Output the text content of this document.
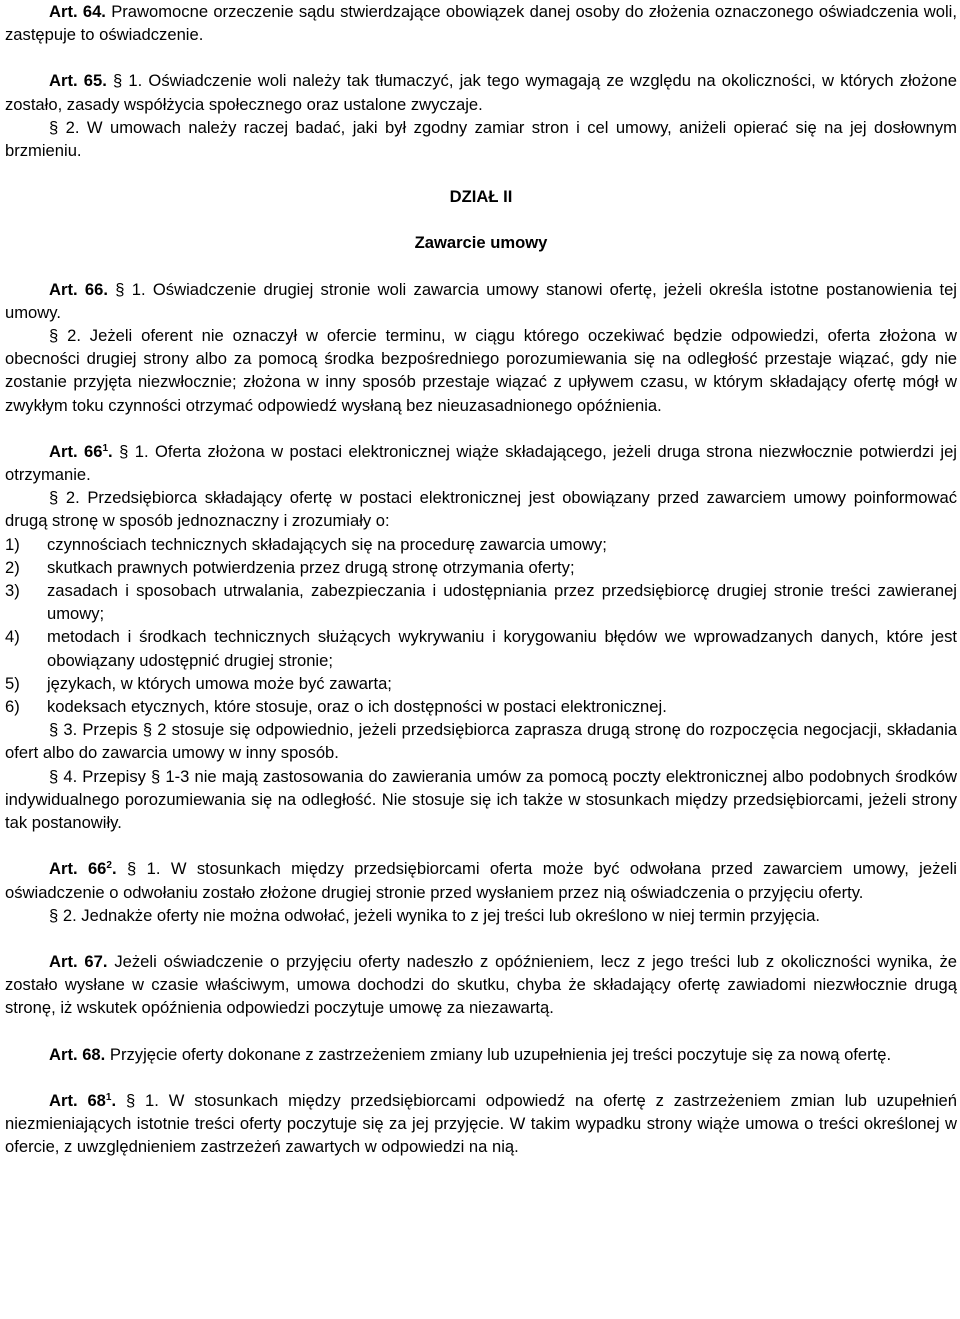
Art. 64. Prawomocne orzeczenie sądu stwierdzające obowiązek danej osoby do złożenia oznaczonego oświadczenia woli, zastępuje to oświadczenie.

Art. 65. § 1. Oświadczenie woli należy tak tłumaczyć, jak tego wymagają ze względu na okoliczności, w których złożone zostało, zasady współżycia społecznego oraz ustalone zwyczaje.

§ 2. W umowach należy raczej badać, jaki był zgodny zamiar stron i cel umowy, aniżeli opierać się na jej dosłownym brzmieniu.

DZIAŁ II

Zawarcie umowy

Art. 66. § 1. Oświadczenie drugiej stronie woli zawarcia umowy stanowi ofertę, jeżeli określa istotne postanowienia tej umowy.

§ 2. Jeżeli oferent nie oznaczył w ofercie terminu, w ciągu którego oczekiwać będzie odpowiedzi, oferta złożona w obecności drugiej strony albo za pomocą środka bezpośredniego porozumiewania się na odległość przestaje wiązać, gdy nie zostanie przyjęta niezwłocznie; złożona w inny sposób przestaje wiązać z upływem czasu, w którym składający ofertę mógł w zwykłym toku czynności otrzymać odpowiedź wysłaną bez nieuzasadnionego opóźnienia.

Art. $66^1$. § 1. Oferta złożona w postaci elektronicznej wiąże składającego, jeżeli druga strona niezwłocznie potwierdzi jej otrzymanie.

§ 2. Przedsiębiorca składający ofertę w postaci elektronicznej jest obowiązany przed zawarciem umowy poinformować drugą stronę w sposób jednoznaczny i zrozumiały o:

1)	czynnościach technicznych składających się na procedurę zawarcia umowy;
2)	skutkach prawnych potwierdzenia przez drugą stronę otrzymania oferty;
3)	zasadach i sposobach utrwalania, zabezpieczania i udostępniania przez przedsiębiorcę drugiej stronie treści zawieranej umowy;
4)	metodach i środkach technicznych służących wykrywaniu i korygowaniu błędów we wprowadzanych danych, które jest obowiązany udostępnić drugiej stronie;
5)	językach, w których umowa może być zawarta;
6)	kodeksach etycznych, które stosuje, oraz o ich dostępności w postaci elektronicznej.

§ 3. Przepis § 2 stosuje się odpowiednio, jeżeli przedsiębiorca zaprasza drugą stronę do rozpoczęcia negocjacji, składania ofert albo do zawarcia umowy w inny sposób.

§ 4. Przepisy § 1-3 nie mają zastosowania do zawierania umów za pomocą poczty elektronicznej albo podobnych środków indywidualnego porozumiewania się na odległość. Nie stosuje się ich także w stosunkach między przedsiębiorcami, jeżeli strony tak postanowiły.

Art. $66^2$. § 1. W stosunkach między przedsiębiorcami oferta może być odwołana przed zawarciem umowy, jeżeli oświadczenie o odwołaniu zostało złożone drugiej stronie przed wysłaniem przez nią oświadczenia o przyjęciu oferty.

§ 2. Jednakże oferty nie można odwołać, jeżeli wynika to z jej treści lub określono w niej termin przyjęcia.

Art. 67. Jeżeli oświadczenie o przyjęciu oferty nadeszło z opóźnieniem, lecz z jego treści lub z okoliczności wynika, że zostało wysłane w czasie właściwym, umowa dochodzi do skutku, chyba że składający ofertę zawiadomi niezwłocznie drugą stronę, iż wskutek opóźnienia odpowiedzi poczytuje umowę za niezawartą.

Art. 68. Przyjęcie oferty dokonane z zastrzeżeniem zmiany lub uzupełnienia jej treści poczytuje się za nową ofertę.

Art. $68^1$. § 1. W stosunkach między przedsiębiorcami odpowiedź na ofertę z zastrzeżeniem zmian lub uzupełnień niezmieniających istotnie treści oferty poczytuje się za jej przyjęcie. W takim wypadku strony wiąże umowa o treści określonej w ofercie, z uwzględnieniem zastrzeżeń zawartych w odpowiedzi na nią.
